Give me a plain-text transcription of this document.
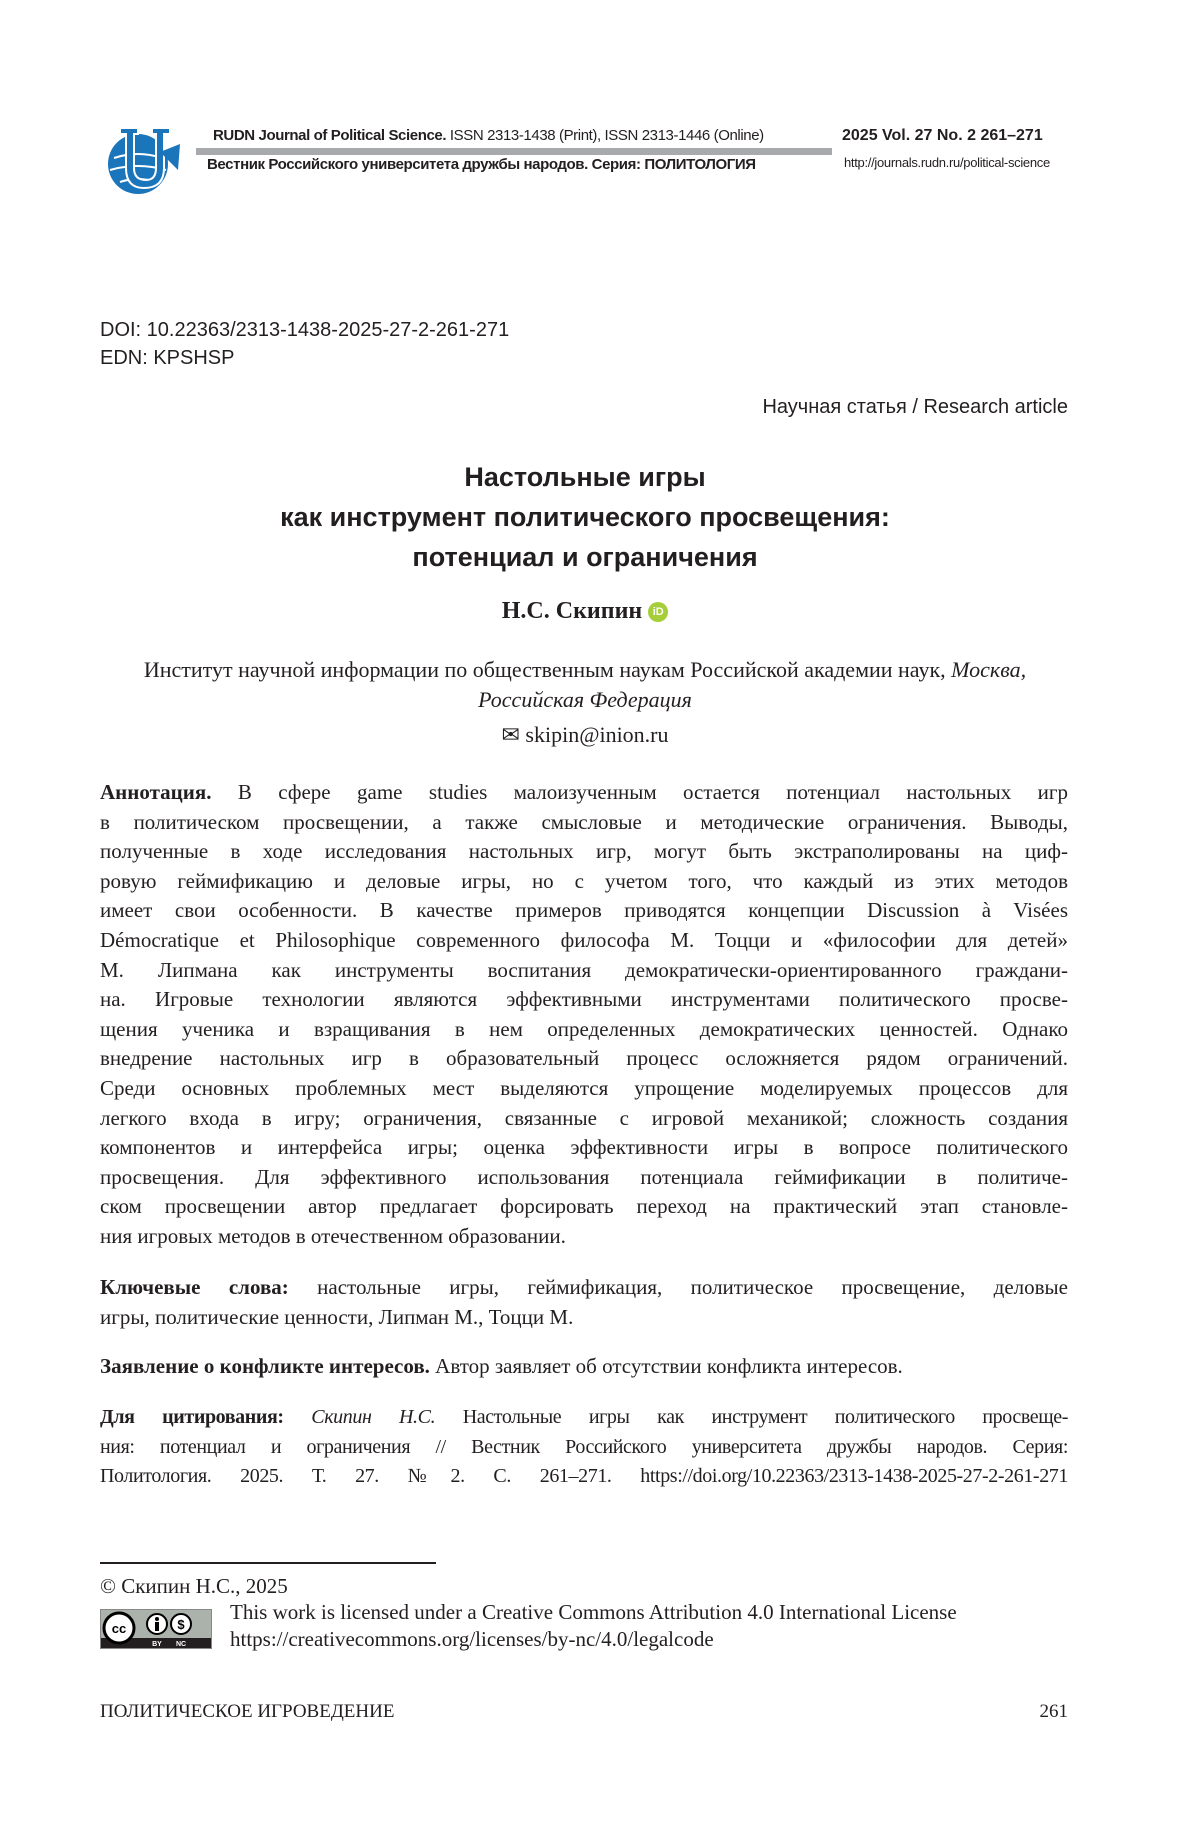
RUDN Journal of Political Science. ISSN 2313-1438 (Print), ISSN 2313-1446 (Online)
Вестник Российского университета дружбы народов. Серия: ПОЛИТОЛОГИЯ
2025 Vol. 27 No. 2 261–271
http://journals.rudn.ru/political-science
DOI: 10.22363/2313-1438-2025-27-2-261-271
EDN: KPSHSP
Научная статья / Research article
Настольные игры
как инструмент политического просвещения:
потенциал и ограничения
Н.С. Скипин iD
Институт научной информации по общественным наукам Российской академии наук, Москва,
Российская Федерация
✉ skipin@inion.ru
Аннотация. В сфере game studies малоизученным остается потенциал настольных игр
в политическом просвещении, а также смысловые и методические ограничения. Выводы,
полученные в ходе исследования настольных игр, могут быть экстраполированы на циф-
ровую геймификацию и деловые игры, но с учетом того, что каждый из этих методов
имеет свои особенности. В качестве примеров приводятся концепции Discussion à Visées
Démocratique et Philosophique современного философа М. Тоцци и «философии для детей»
М. Липмана как инструменты воспитания демократически-ориентированного граждани-
на. Игровые технологии являются эффективными инструментами политического просве-
щения ученика и взращивания в нем определенных демократических ценностей. Однако
внедрение настольных игр в образовательный процесс осложняется рядом ограничений.
Среди основных проблемных мест выделяются упрощение моделируемых процессов для
легкого входа в игру; ограничения, связанные с игровой механикой; сложность создания
компонентов и интерфейса игры; оценка эффективности игры в вопросе политического
просвещения. Для эффективного использования потенциала геймификации в политиче-
ском просвещении автор предлагает форсировать переход на практический этап становле-
ния игровых методов в отечественном образовании.
Ключевые слова: настольные игры, геймификация, политическое просвещение, деловые
игры, политические ценности, Липман М., Тоцци М.
Заявление о конфликте интересов. Автор заявляет об отсутствии конфликта интересов.
Для цитирования: Скипин Н.С. Настольные игры как инструмент политического просвеще-
ния: потенциал и ограничения // Вестник Российского университета дружбы народов. Серия:
Политология. 2025. Т. 27. №2. С. 261–271. https://doi.org/10.22363/2313-1438-2025-27-2-261-271
© Скипин Н.С., 2025
cc	$
BY NC
This work is licensed under a Creative Commons Attribution 4.0 International License
https://creativecommons.org/licenses/by-nc/4.0/legalcode
ПОЛИТИЧЕСКОЕ ИГРОВЕДЕНИЕ	261
